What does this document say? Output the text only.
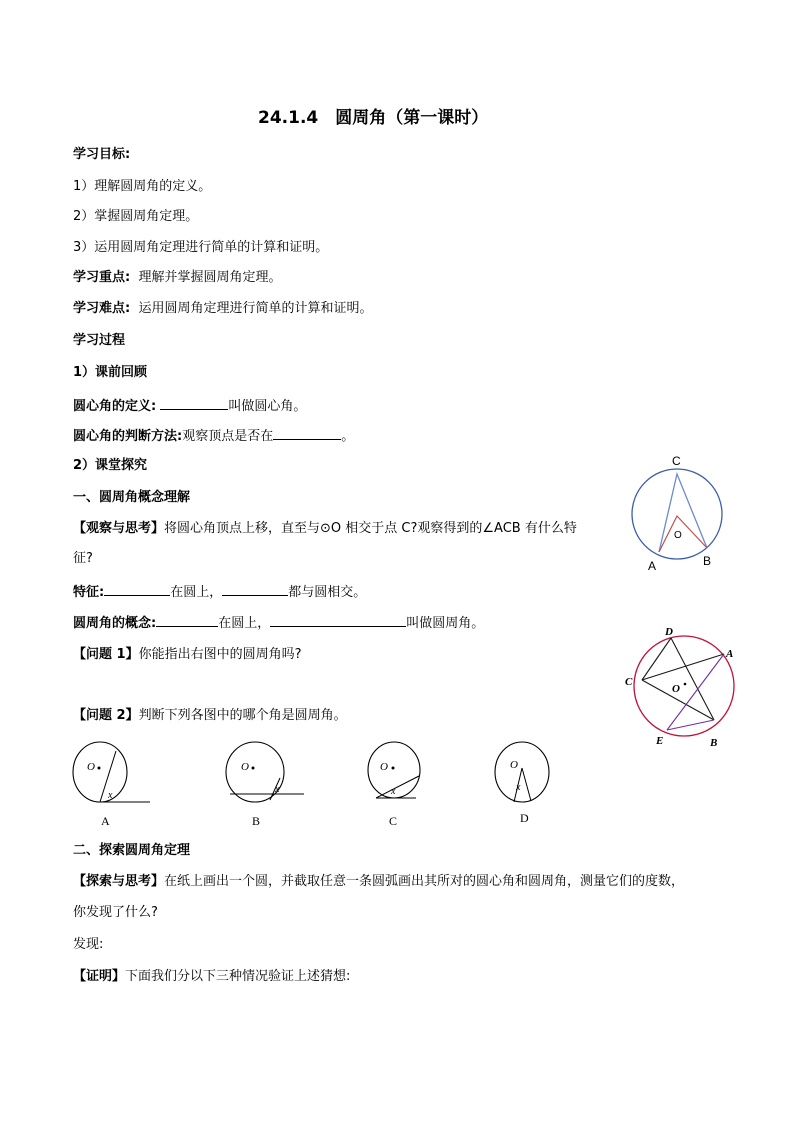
24.1.4　圆周角（第一课时）
学习目标:
1）理解圆周角的定义。
2）掌握圆周角定理。
3）运用圆周角定理进行简单的计算和证明。
学习重点: 理解并掌握圆周角定理。
学习难点: 运用圆周角定理进行简单的计算和证明。
学习过程
1）课前回顾
圆心角的定义:	叫做圆心角。
圆心角的判断方法:观察顶点是否在	。
2）课堂探究
一、圆周角概念理解
【观察与思考】将圆心角顶点上移，直至与⊙O 相交于点 C?观察得到的∠ACB 有什么特
征?
特征:	在圆上，	都与圆相交。
圆周角的概念:	在圆上，	叫做圆周角。
【问题 1】你能指出右图中的圆周角吗?
【问题 2】判断下列各图中的哪个角是圆周角。
C
O
A	B
D
A
C
O
E	B
O
x
A
O
x
B
O
x
C
O
x
D
二、探索圆周角定理
【探索与思考】在纸上画出一个圆，并截取任意一条圆弧画出其所对的圆心角和圆周角，测量它们的度数，
你发现了什么?
发现:
【证明】下面我们分以下三种情况验证上述猜想:
